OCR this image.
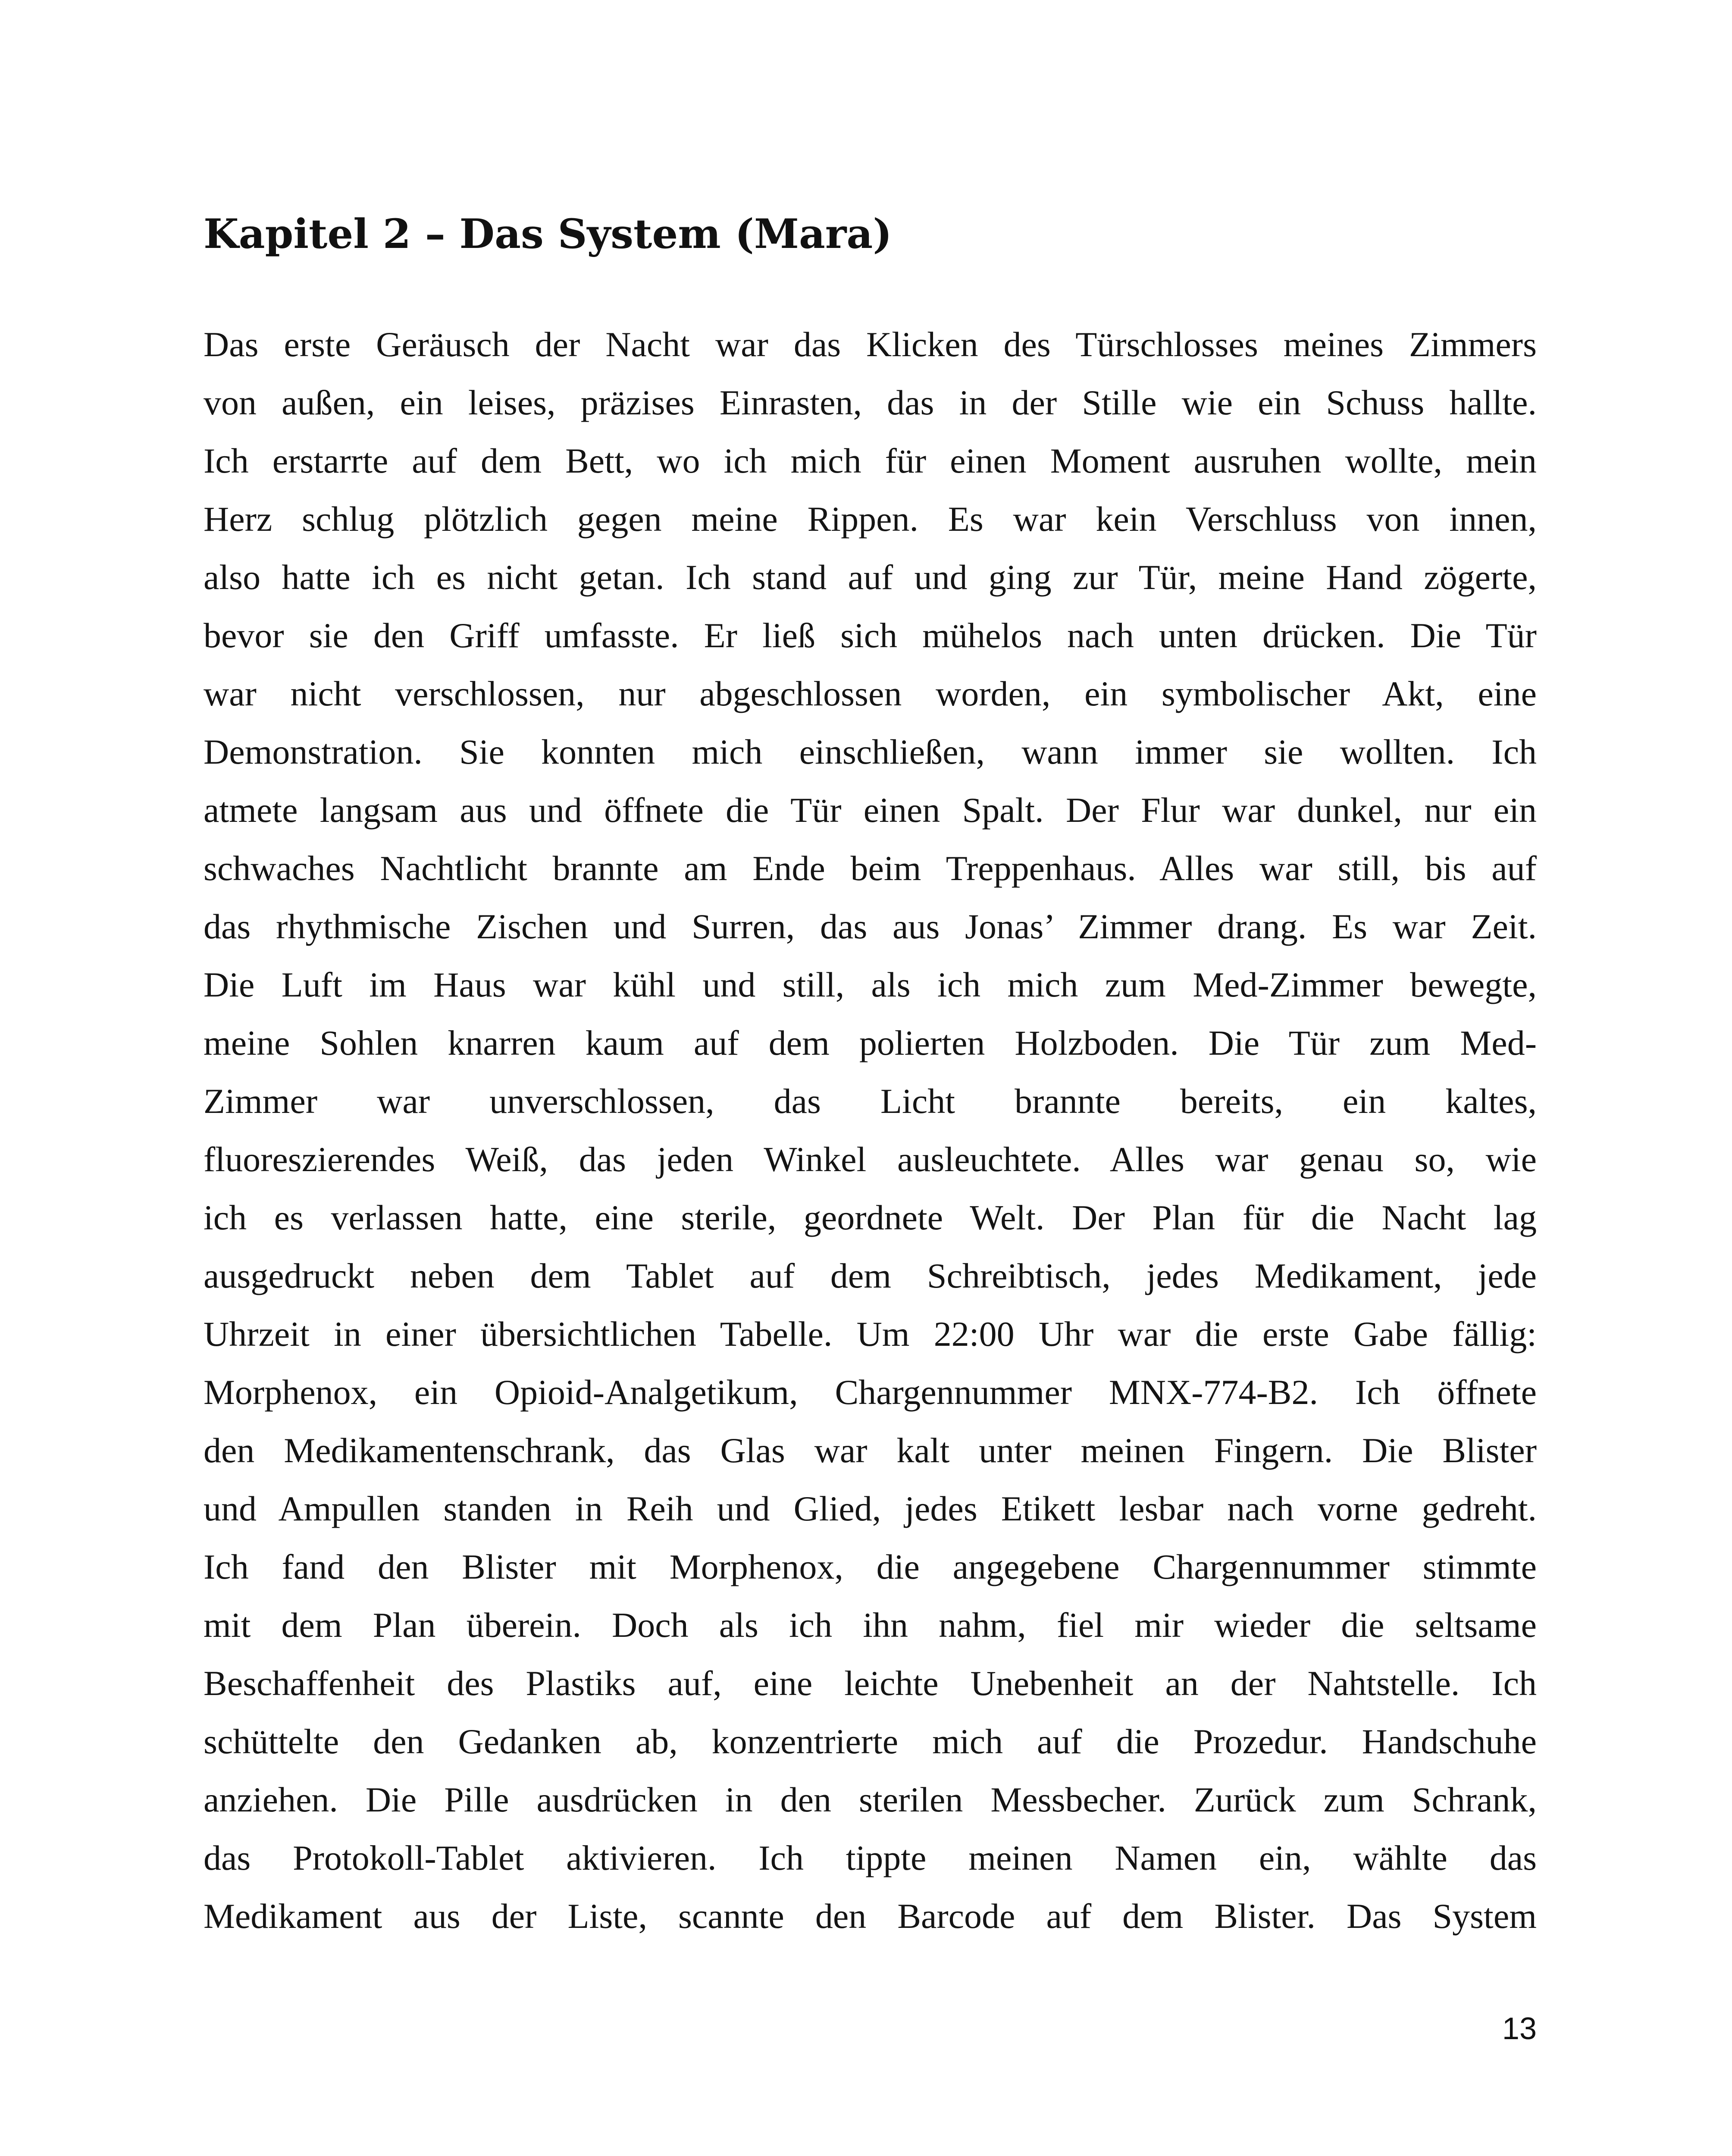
Kapitel 2 – Das System (Mara)
Das erste Geräusch der Nacht war das Klicken des Türschlosses meines Zimmers
von außen, ein leises, präzises Einrasten, das in der Stille wie ein Schuss hallte.
Ich erstarrte auf dem Bett, wo ich mich für einen Moment ausruhen wollte, mein
Herz schlug plötzlich gegen meine Rippen. Es war kein Verschluss von innen,
also hatte ich es nicht getan. Ich stand auf und ging zur Tür, meine Hand zögerte,
bevor sie den Griff umfasste. Er ließ sich mühelos nach unten drücken. Die Tür
war nicht verschlossen, nur abgeschlossen worden, ein symbolischer Akt, eine
Demonstration. Sie konnten mich einschließen, wann immer sie wollten. Ich
atmete langsam aus und öffnete die Tür einen Spalt. Der Flur war dunkel, nur ein
schwaches Nachtlicht brannte am Ende beim Treppenhaus. Alles war still, bis auf
das rhythmische Zischen und Surren, das aus Jonas’ Zimmer drang. Es war Zeit.
Die Luft im Haus war kühl und still, als ich mich zum Med-Zimmer bewegte,
meine Sohlen knarren kaum auf dem polierten Holzboden. Die Tür zum Med-
Zimmer war unverschlossen, das Licht brannte bereits, ein kaltes,
fluoreszierendes Weiß, das jeden Winkel ausleuchtete. Alles war genau so, wie
ich es verlassen hatte, eine sterile, geordnete Welt. Der Plan für die Nacht lag
ausgedruckt neben dem Tablet auf dem Schreibtisch, jedes Medikament, jede
Uhrzeit in einer übersichtlichen Tabelle. Um 22:00 Uhr war die erste Gabe fällig:
Morphenox, ein Opioid-Analgetikum, Chargennummer MNX-774-B2. Ich öffnete
den Medikamentenschrank, das Glas war kalt unter meinen Fingern. Die Blister
und Ampullen standen in Reih und Glied, jedes Etikett lesbar nach vorne gedreht.
Ich fand den Blister mit Morphenox, die angegebene Chargennummer stimmte
mit dem Plan überein. Doch als ich ihn nahm, fiel mir wieder die seltsame
Beschaffenheit des Plastiks auf, eine leichte Unebenheit an der Nahtstelle. Ich
schüttelte den Gedanken ab, konzentrierte mich auf die Prozedur. Handschuhe
anziehen. Die Pille ausdrücken in den sterilen Messbecher. Zurück zum Schrank,
das Protokoll-Tablet aktivieren. Ich tippte meinen Namen ein, wählte das
Medikament aus der Liste, scannte den Barcode auf dem Blister. Das System
13
